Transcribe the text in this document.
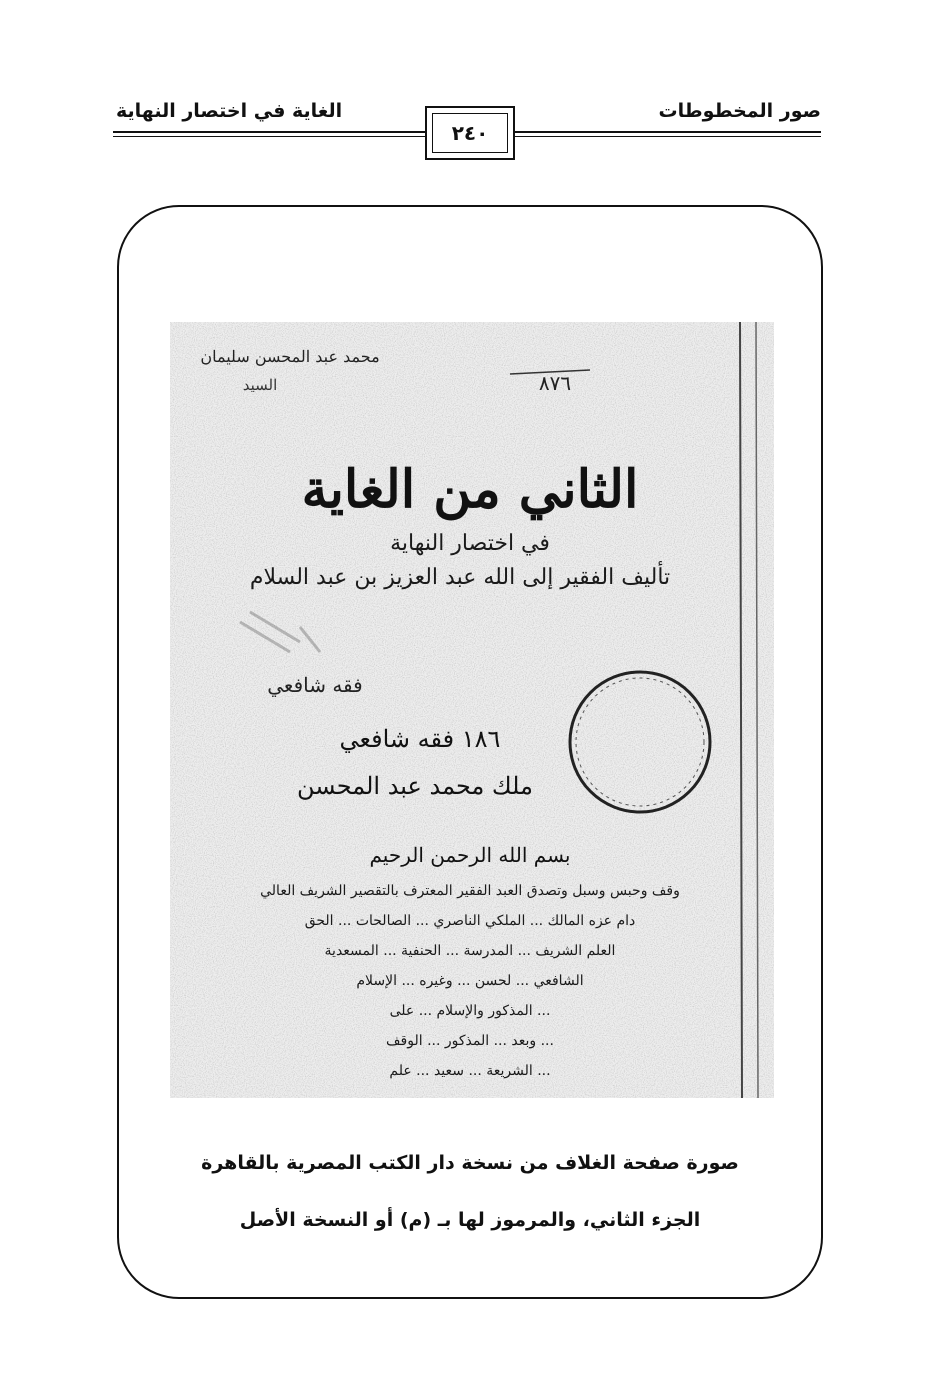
صور المخطوطات
الغاية في اختصار النهاية
٢٤٠
محمد عبد المحسن سليمان
السيد	٨٧٦
الثاني من الغاية
في اختصار النهاية
تأليف الفقير إلى الله عبد العزيز بن عبد السلام
فقه شافعي
١٨٦ فقه شافعي
ملك محمد عبد المحسن
بسم الله الرحمن الرحيم
وقف وحبس وسبل وتصدق العبد الفقير المعترف بالتقصير الشريف العالي
دام عزه المالك ... الملكي الناصري ... الصالحات ... الحق
العلم الشريف ... المدرسة ... الحنفية ... المسعدية
الشافعي ... لحسن ... وغيره ... الإسلام
... المذكور والإسلام ... على
... وبعد ... المذكور ... الوقف
... الشريعة ... سعيد ... علم
صورة صفحة الغلاف من نسخة دار الكتب المصرية بالقاهرة
الجزء الثاني، والمرموز لها بـ (م) أو النسخة الأصل
